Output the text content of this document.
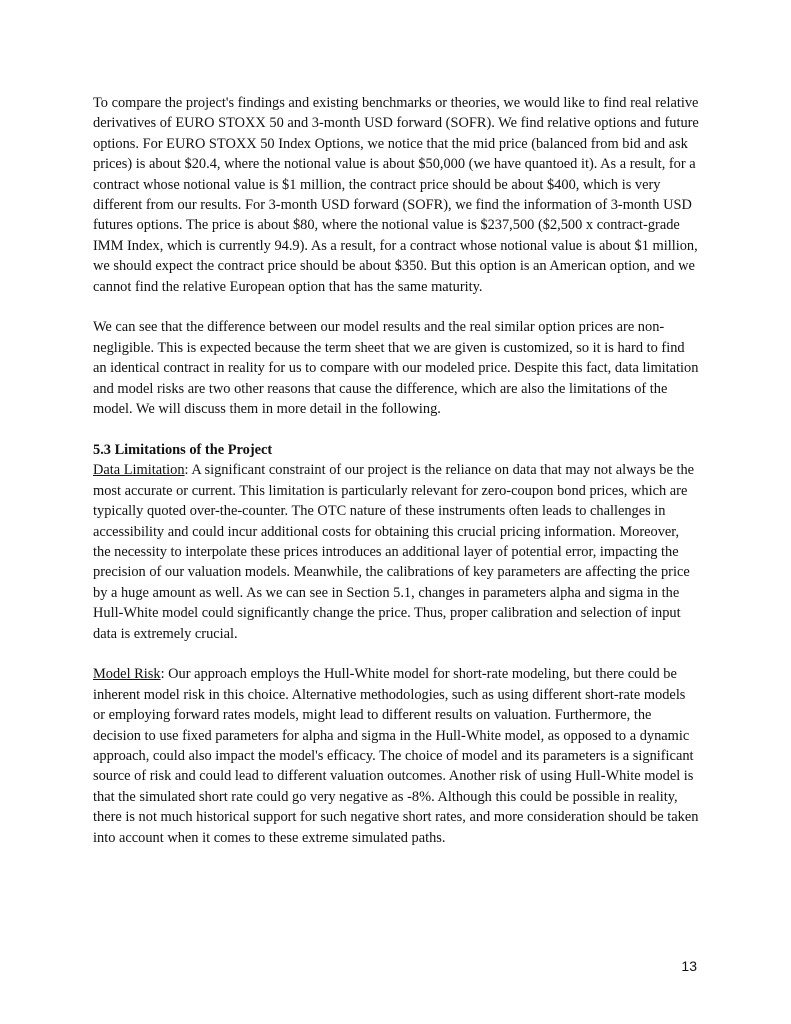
To compare the project's findings and existing benchmarks or theories, we would like to find real relative derivatives of EURO STOXX 50 and 3-month USD forward (SOFR). We find relative options and future options. For EURO STOXX 50 Index Options, we notice that the mid price (balanced from bid and ask prices) is about $20.4, where the notional value is about $50,000 (we have quantoed it). As a result, for a contract whose notional value is $1 million, the contract price should be about $400, which is very different from our results. For 3-month USD forward (SOFR), we find the information of 3-month USD futures options. The price is about $80, where the notional value is $237,500 ($2,500 x contract-grade IMM Index, which is currently 94.9). As a result, for a contract whose notional value is about $1 million, we should expect the contract price should be about $350. But this option is an American option, and we cannot find the relative European option that has the same maturity.

We can see that the difference between our model results and the real similar option prices are non-negligible. This is expected because the term sheet that we are given is customized, so it is hard to find an identical contract in reality for us to compare with our modeled price. Despite this fact, data limitation and model risks are two other reasons that cause the difference, which are also the limitations of the model. We will discuss them in more detail in the following.

5.3 Limitations of the Project

Data Limitation: A significant constraint of our project is the reliance on data that may not always be the most accurate or current. This limitation is particularly relevant for zero-coupon bond prices, which are typically quoted over-the-counter. The OTC nature of these instruments often leads to challenges in accessibility and could incur additional costs for obtaining this crucial pricing information. Moreover, the necessity to interpolate these prices introduces an additional layer of potential error, impacting the precision of our valuation models. Meanwhile, the calibrations of key parameters are affecting the price by a huge amount as well. As we can see in Section 5.1, changes in parameters alpha and sigma in the Hull-White model could significantly change the price. Thus, proper calibration and selection of input data is extremely crucial.

Model Risk: Our approach employs the Hull-White model for short-rate modeling, but there could be inherent model risk in this choice. Alternative methodologies, such as using different short-rate models or employing forward rates models, might lead to different results on valuation. Furthermore, the decision to use fixed parameters for alpha and sigma in the Hull-White model, as opposed to a dynamic approach, could also impact the model's efficacy. The choice of model and its parameters is a significant source of risk and could lead to different valuation outcomes. Another risk of using Hull-White model is that the simulated short rate could go very negative as -8%. Although this could be possible in reality, there is not much historical support for such negative short rates, and more consideration should be taken into account when it comes to these extreme simulated paths.

13
